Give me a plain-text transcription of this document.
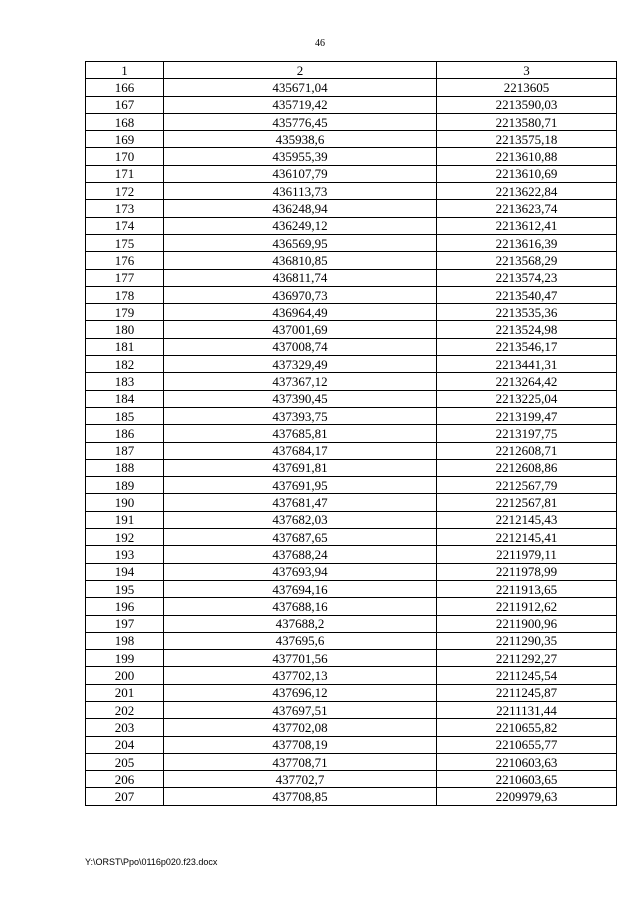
46
1	2	3
166	435671,04	2213605
167	435719,42	2213590,03
168	435776,45	2213580,71
169	435938,6	2213575,18
170	435955,39	2213610,88
171	436107,79	2213610,69
172	436113,73	2213622,84
173	436248,94	2213623,74
174	436249,12	2213612,41
175	436569,95	2213616,39
176	436810,85	2213568,29
177	436811,74	2213574,23
178	436970,73	2213540,47
179	436964,49	2213535,36
180	437001,69	2213524,98
181	437008,74	2213546,17
182	437329,49	2213441,31
183	437367,12	2213264,42
184	437390,45	2213225,04
185	437393,75	2213199,47
186	437685,81	2213197,75
187	437684,17	2212608,71
188	437691,81	2212608,86
189	437691,95	2212567,79
190	437681,47	2212567,81
191	437682,03	2212145,43
192	437687,65	2212145,41
193	437688,24	2211979,11
194	437693,94	2211978,99
195	437694,16	2211913,65
196	437688,16	2211912,62
197	437688,2	2211900,96
198	437695,6	2211290,35
199	437701,56	2211292,27
200	437702,13	2211245,54
201	437696,12	2211245,87
202	437697,51	2211131,44
203	437702,08	2210655,82
204	437708,19	2210655,77
205	437708,71	2210603,63
206	437702,7	2210603,65
207	437708,85	2209979,63
Y:\ORST\Ppo\0116p020.f23.docx
